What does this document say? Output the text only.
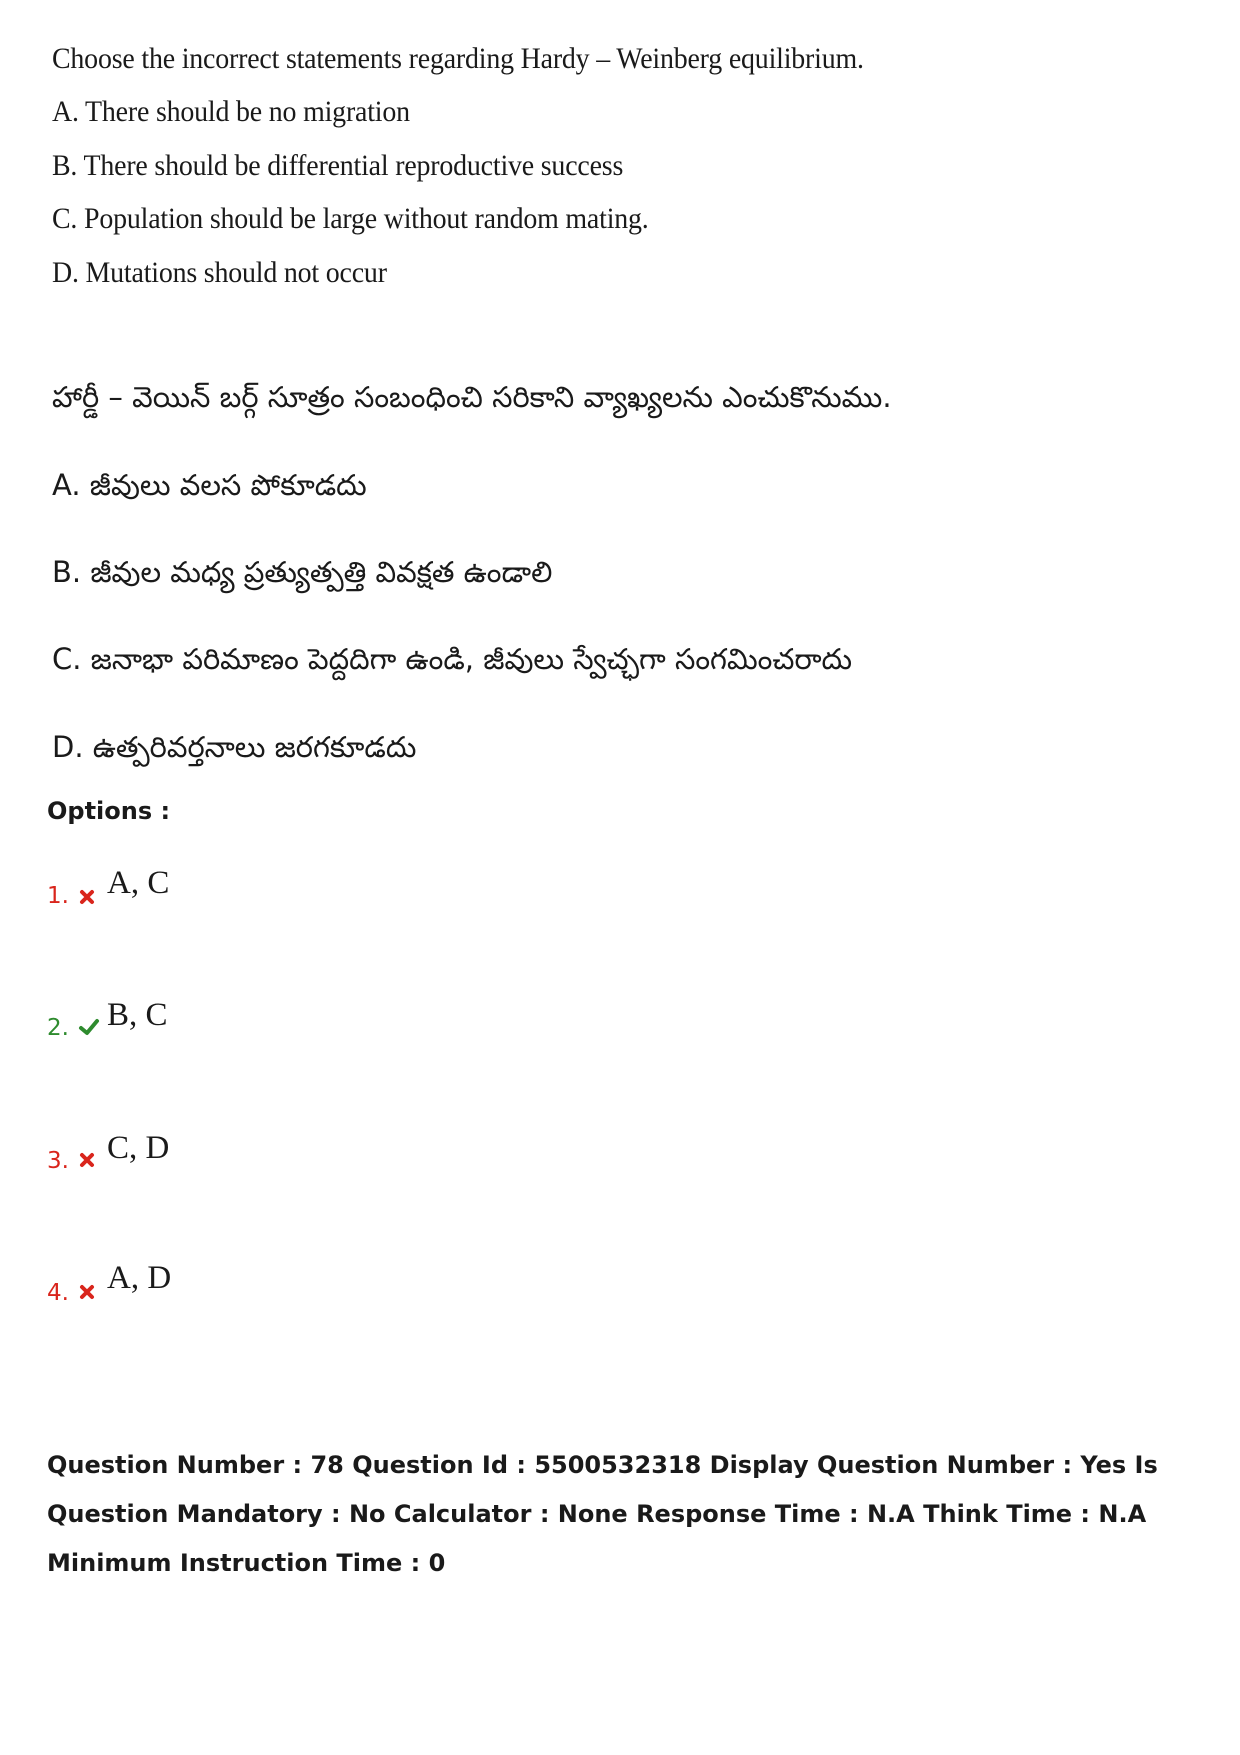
Choose the incorrect statements regarding Hardy – Weinberg equilibrium.
A. There should be no migration
B. There should be differential reproductive success
C. Population should be large without random mating.
D. Mutations should not occur
హార్డీ – వెయిన్ బర్గ్ సూత్రం సంబంధించి సరికాని వ్యాఖ్యలను ఎంచుకొనుము.
A. జీవులు వలస పోకూడదు
B. జీవుల మధ్య ప్రత్యుత్పత్తి వివక్షత ఉండాలి
C. జనాభా పరిమాణం పెద్దదిగా ఉండి, జీవులు స్వేచ్ఛగా సంగమించరాదు
D. ఉత్పరివర్తనాలు జరగకూడదు
Options :
1. A, C
2. B, C
3. C, D
4. A, D
Question Number : 78 Question Id : 5500532318 Display Question Number : Yes Is Question Mandatory : No Calculator : None Response Time : N.A Think Time : N.A Minimum Instruction Time : 0
